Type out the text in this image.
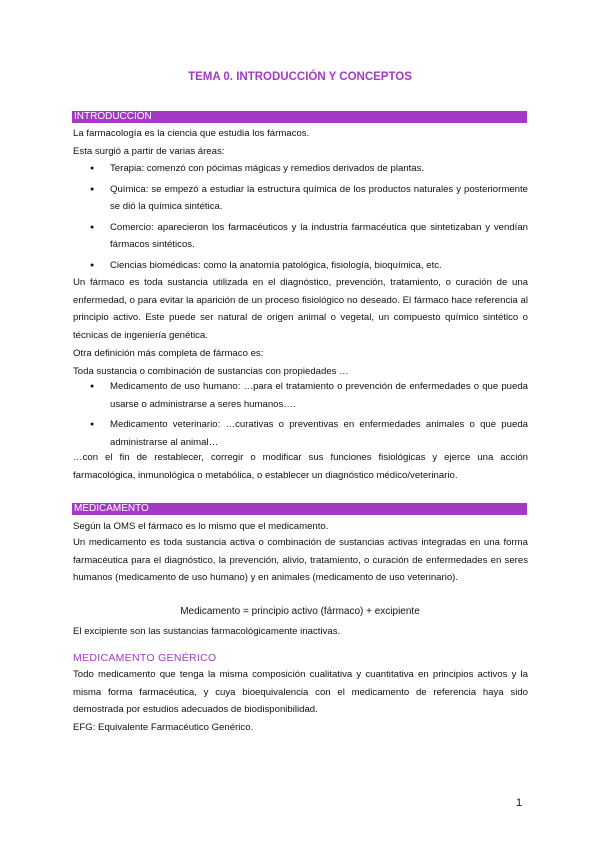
TEMA 0. INTRODUCCIÓN Y CONCEPTOS
INTRODUCCIÓN
La farmacología es la ciencia que estudia los fármacos.
Esta surgió a partir de varias áreas:
● Terapia: comenzó con pócimas mágicas y remedios derivados de plantas.
● Química: se empezó a estudiar la estructura química de los productos naturales y posteriormente se dió la química sintética.
● Comercio: aparecieron los farmacéuticos y la industria farmacéutica que sintetizaban y vendían fármacos sintéticos.
● Ciencias biomédicas: como la anatomía patológica, fisiología, bioquímica, etc.
Un fármaco es toda sustancia utilizada en el diagnóstico, prevención, tratamiento, o curación de una enfermedad, o para evitar la aparición de un proceso fisiológico no deseado. El fármaco hace referencia al principio activo. Este puede ser natural de origen animal o vegetal, un compuesto químico sintético o técnicas de ingeniería genética.
Otra definición más completa de fármaco es:
Toda sustancia o combinación de sustancias con propiedades …
● Medicamento de uso humano: …para el tratamiento o prevención de enfermedades o que pueda usarse o administrarse a seres humanos….
● Medicamento veterinario: …curativas o preventivas en enfermedades animales o que pueda administrarse al animal…
…con el fin de restablecer, corregir o modificar sus funciones fisiológicas y ejerce una acción farmacológica, inmunológica o metabólica, o establecer un diagnóstico médico/veterinario.
MEDICAMENTO
Según la OMS el fármaco es lo mismo que el medicamento.
Un medicamento es toda sustancia activa o combinación de sustancias activas integradas en una forma farmacéutica para el diagnóstico, la prevención, alivio, tratamiento, o curación de enfermedades en seres humanos (medicamento de uso humano) y en animales (medicamento de uso veterinario).
Medicamento = principio activo (fármaco) + excipiente
El excipiente son las sustancias farmacológicamente inactivas.
MEDICAMENTO GENÉRICO
Todo medicamento que tenga la misma composición cualitativa y cuantitativa en principios activos y la misma forma farmacéutica, y cuya bioequivalencia con el medicamento de referencia haya sido demostrada por estudios adecuados de biodisponibilidad.
EFG: Equivalente Farmacéutico Genérico.
1
